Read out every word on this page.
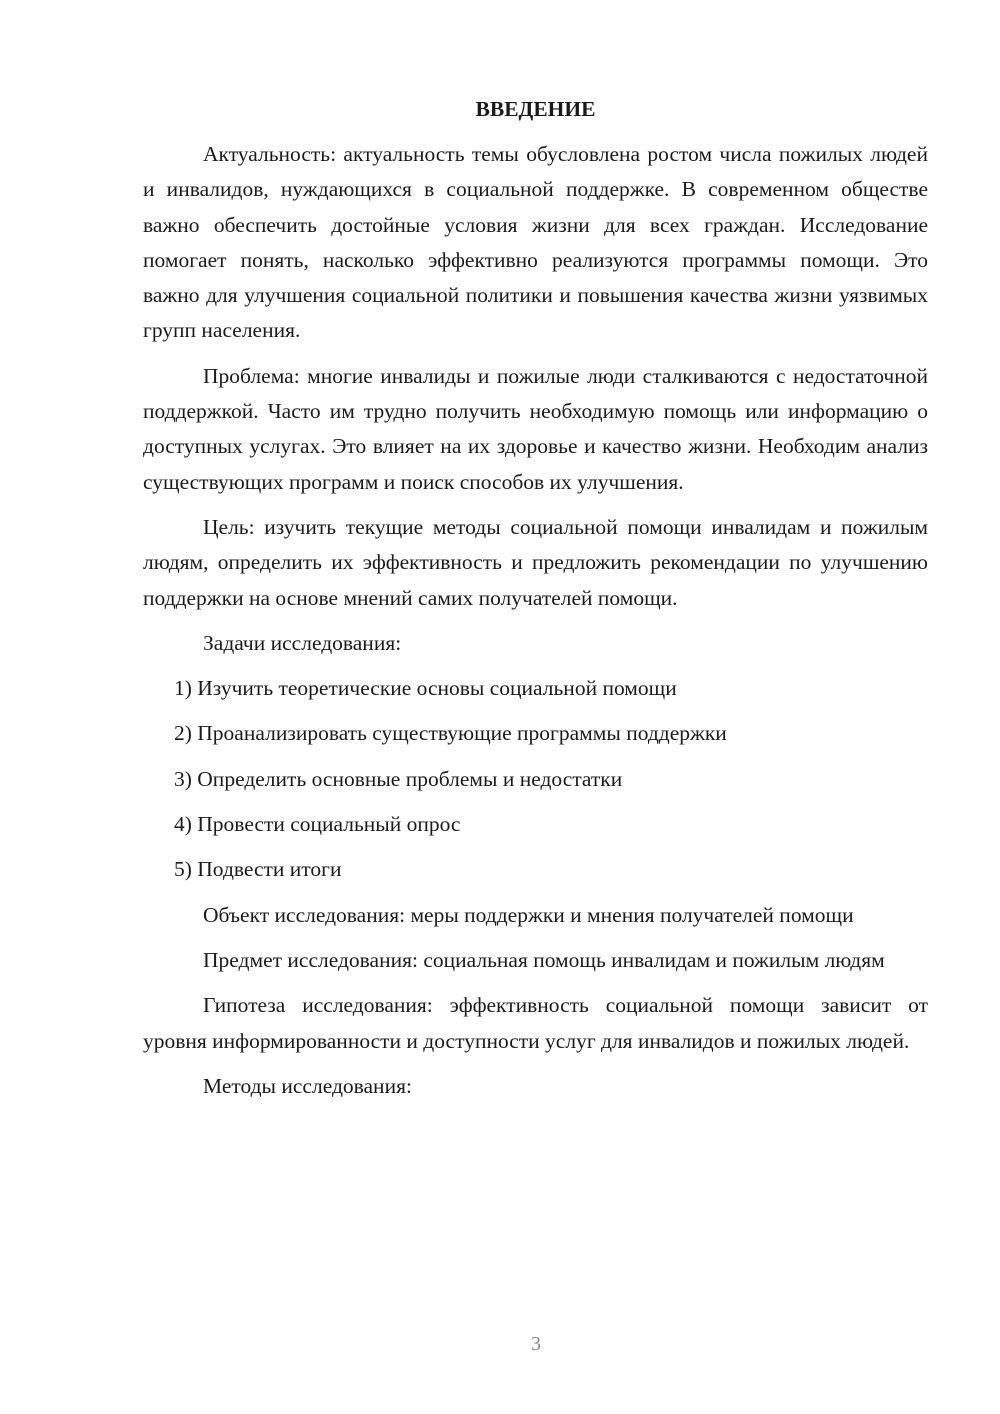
ВВЕДЕНИЕ

Актуальность: актуальность темы обусловлена ростом числа пожилых людей и инвалидов, нуждающихся в социальной поддержке. В современном обществе важно обеспечить достойные условия жизни для всех граждан. Исследование помогает понять, насколько эффективно реализуются программы помощи. Это важно для улучшения социальной политики и повышения качества жизни уязвимых групп населения.

Проблема: многие инвалиды и пожилые люди сталкиваются с недостаточной поддержкой. Часто им трудно получить необходимую помощь или информацию о доступных услугах. Это влияет на их здоровье и качество жизни. Необходим анализ существующих программ и поиск способов их улучшения.

Цель: изучить текущие методы социальной помощи инвалидам и пожилым людям, определить их эффективность и предложить рекомендации по улучшению поддержки на основе мнений самих получателей помощи.

Задачи исследования:

1) Изучить теоретические основы социальной помощи
2) Проанализировать существующие программы поддержки
3) Определить основные проблемы и недостатки
4) Провести социальный опрос
5) Подвести итоги

Объект исследования: меры поддержки и мнения получателей помощи

Предмет исследования: социальная помощь инвалидам и пожилым людям

Гипотеза исследования: эффективность социальной помощи зависит от уровня информированности и доступности услуг для инвалидов и пожилых людей.

Методы исследования:

3
